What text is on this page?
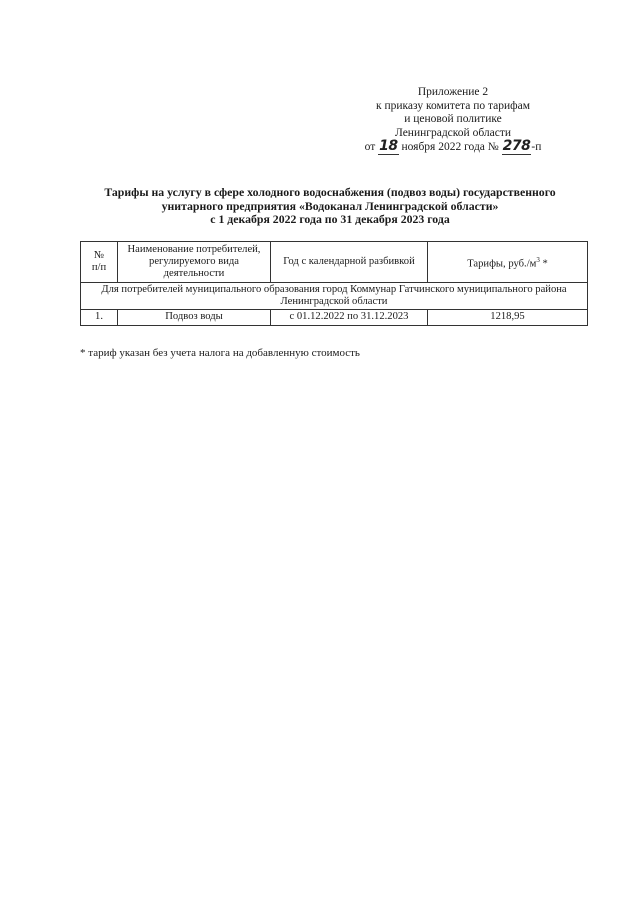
Приложение 2
к приказу комитета по тарифам
и ценовой политике
Ленинградской области
от 18 ноября 2022 года № 278-п
Тарифы на услугу в сфере холодного водоснабжения (подвоз воды) государственного
унитарного предприятия «Водоканал Ленинградской области»
с 1 декабря 2022 года по 31 декабря 2023 года
№
п/п	Наименование потребителей, регулируемого вида деятельности	Год с календарной разбивкой	Тарифы, $руб./м^3$ *
Для потребителей муниципального образования город Коммунар Гатчинского муниципального района
Ленинградской области			
1.	Подвоз воды	с 01.12.2022 по 31.12.2023	1218,95
* тариф указан без учета налога на добавленную стоимость
